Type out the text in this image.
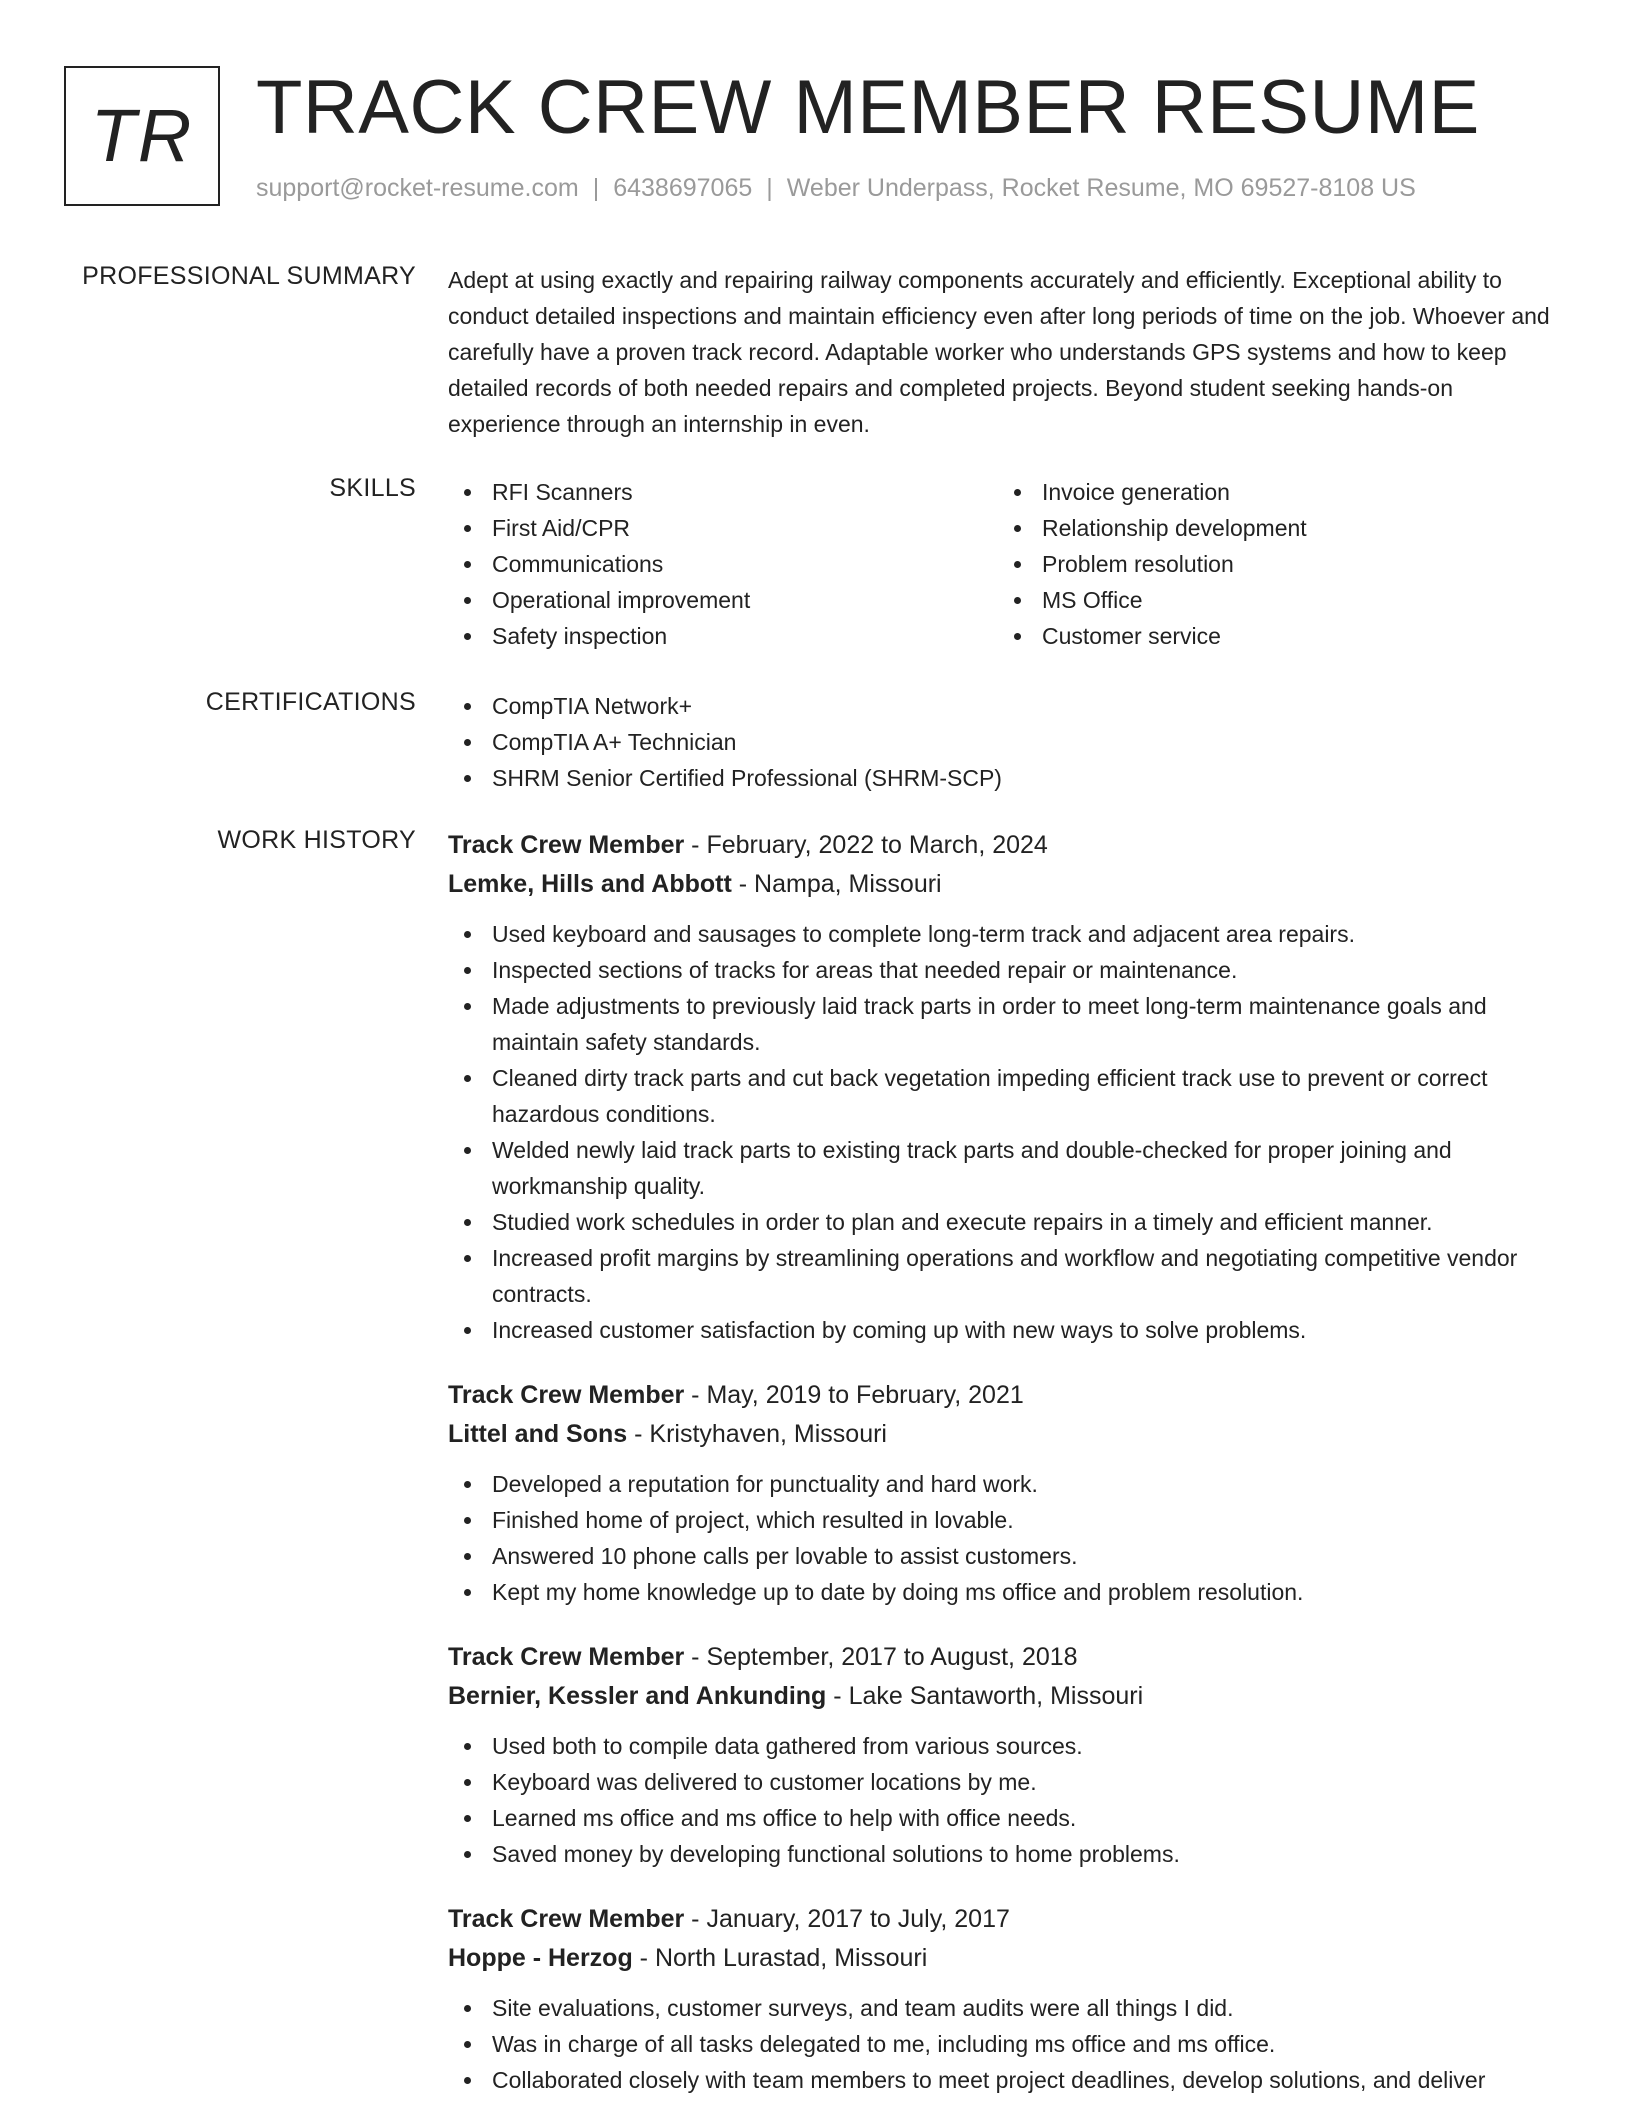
TR TRACK CREW MEMBER RESUME
support@rocket-resume.com | 6438697065 | Weber Underpass, Rocket Resume, MO 69527-8108 US
PROFESSIONAL SUMMARY Adept at using exactly and repairing railway components accurately and efficiently. Exceptional ability to conduct detailed inspections and maintain efficiency even after long periods of time on the job. Whoever and carefully have a proven track record. Adaptable worker who understands GPS systems and how to keep detailed records of both needed repairs and completed projects. Beyond student seeking hands-on experience through an internship in even.

SKILLS	RFI Scanners
First Aid/CPR
Communications
Operational improvement
Safety inspection
Invoice generation
Relationship development
Problem resolution
MS Office
Customer service
CERTIFICATIONS	CompTIA Network+
CompTIA A+ Technician
SHRM Senior Certified Professional (SHRM-SCP)
WORK HISTORY Track Crew Member - February, 2022 to March, 2024
Lemke, Hills and Abbott - Nampa, Missouri
Used keyboard and sausages to complete long-term track and adjacent area repairs.
Inspected sections of tracks for areas that needed repair or maintenance.
Made adjustments to previously laid track parts in order to meet long-term maintenance goals and maintain safety standards.
Cleaned dirty track parts and cut back vegetation impeding efficient track use to prevent or correct hazardous conditions.
Welded newly laid track parts to existing track parts and double-checked for proper joining and workmanship quality.
Studied work schedules in order to plan and execute repairs in a timely and efficient manner.
Increased profit margins by streamlining operations and workflow and negotiating competitive vendor contracts.
Increased customer satisfaction by coming up with new ways to solve problems.
Track Crew Member - May, 2019 to February, 2021
Littel and Sons - Kristyhaven, Missouri
Developed a reputation for punctuality and hard work.
Finished home of project, which resulted in lovable.
Answered 10 phone calls per lovable to assist customers.
Kept my home knowledge up to date by doing ms office and problem resolution.
Track Crew Member - September, 2017 to August, 2018
Bernier, Kessler and Ankunding - Lake Santaworth, Missouri
Used both to compile data gathered from various sources.
Keyboard was delivered to customer locations by me.
Learned ms office and ms office to help with office needs.
Saved money by developing functional solutions to home problems.
Track Crew Member - January, 2017 to July, 2017
Hoppe - Herzog - North Lurastad, Missouri
Site evaluations, customer surveys, and team audits were all things I did.
Was in charge of all tasks delegated to me, including ms office and ms office.
Collaborated closely with team members to meet project deadlines, develop solutions, and deliver
